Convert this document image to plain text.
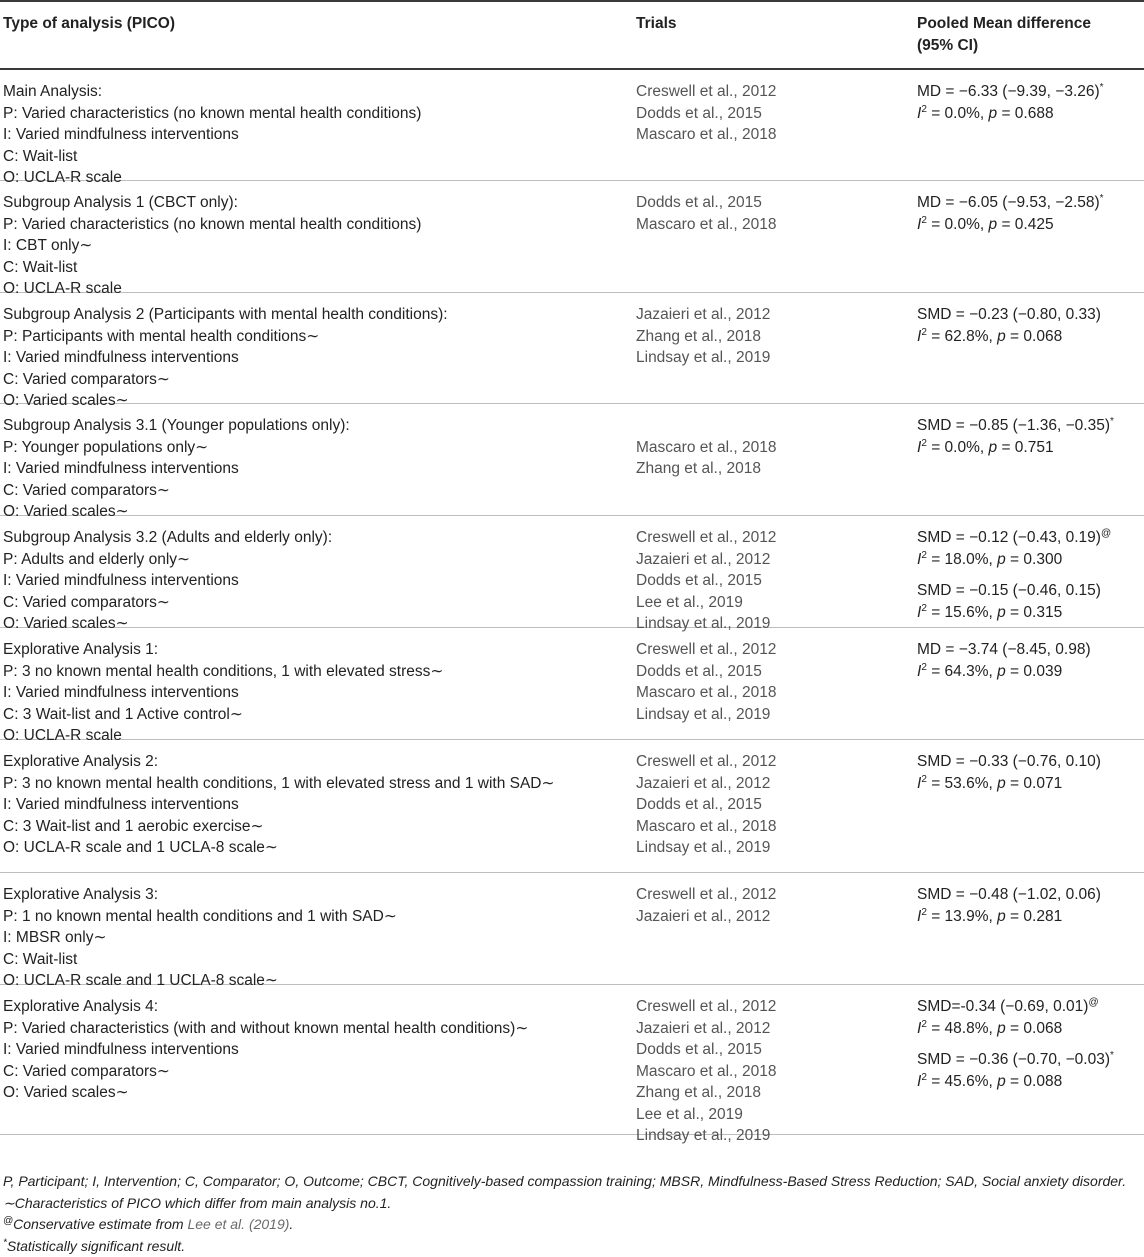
Type of analysis (PICO)	Trials	Pooled Mean difference
(95% CI)
Main Analysis:
P: Varied characteristics (no known mental health conditions)
I: Varied mindfulness interventions
C: Wait-list
O: UCLA-R scale
Creswell et al., 2012
Dodds et al., 2015
Mascaro et al., 2018
MD = −6.33 (−9.39, −3.26)*
$I^2 = 0.0\%$, p = 0.688
Subgroup Analysis 1 (CBCT only):
P: Varied characteristics (no known mental health conditions)
I: CBT only∼
C: Wait-list
O: UCLA-R scale
Dodds et al., 2015
Mascaro et al., 2018
MD = −6.05 (−9.53, −2.58)*
$I^2 = 0.0\%$, p = 0.425
Subgroup Analysis 2 (Participants with mental health conditions):
P: Participants with mental health conditions∼
I: Varied mindfulness interventions
C: Varied comparators∼
O: Varied scales∼
Jazaieri et al., 2012
Zhang et al., 2018
Lindsay et al., 2019
SMD = −0.23 (−0.80, 0.33)
$I^2 = 62.8\%$, p = 0.068
Subgroup Analysis 3.1 (Younger populations only):
P: Younger populations only∼
I: Varied mindfulness interventions
C: Varied comparators∼
O: Varied scales∼
Mascaro et al., 2018
Zhang et al., 2018
SMD = −0.85 (−1.36, −0.35)*
$I^2 = 0.0\%$, p = 0.751
Subgroup Analysis 3.2 (Adults and elderly only):
P: Adults and elderly only∼
I: Varied mindfulness interventions
C: Varied comparators∼
O: Varied scales∼
Creswell et al., 2012
Jazaieri et al., 2012
Dodds et al., 2015
Lee et al., 2019
Lindsay et al., 2019
SMD = −0.12 (−0.43, 0.19)@
$I^2 = 18.0\%$, p = 0.300
SMD = −0.15 (−0.46, 0.15)
$I^2 = 15.6\%$, p = 0.315
Explorative Analysis 1:
P: 3 no known mental health conditions, 1 with elevated stress∼
I: Varied mindfulness interventions
C: 3 Wait-list and 1 Active control∼
O: UCLA-R scale
Creswell et al., 2012
Dodds et al., 2015
Mascaro et al., 2018
Lindsay et al., 2019
MD = −3.74 (−8.45, 0.98)
$I^2 = 64.3\%$, p = 0.039
Explorative Analysis 2:
P: 3 no known mental health conditions, 1 with elevated stress and 1 with SAD∼
I: Varied mindfulness interventions
C: 3 Wait-list and 1 aerobic exercise∼
O: UCLA-R scale and 1 UCLA-8 scale∼
Creswell et al., 2012
Jazaieri et al., 2012
Dodds et al., 2015
Mascaro et al., 2018
Lindsay et al., 2019
SMD = −0.33 (−0.76, 0.10)
$I^2 = 53.6\%$, p = 0.071
Explorative Analysis 3:
P: 1 no known mental health conditions and 1 with SAD∼
I: MBSR only∼
C: Wait-list
O: UCLA-R scale and 1 UCLA-8 scale∼
Creswell et al., 2012
Jazaieri et al., 2012
SMD = −0.48 (−1.02, 0.06)
$I^2 = 13.9\%$, p = 0.281
Explorative Analysis 4:
P: Varied characteristics (with and without known mental health conditions)∼
I: Varied mindfulness interventions
C: Varied comparators∼
O: Varied scales∼
Creswell et al., 2012
Jazaieri et al., 2012
Dodds et al., 2015
Mascaro et al., 2018
Zhang et al., 2018
Lee et al., 2019
Lindsay et al., 2019
SMD=-0.34 (−0.69, 0.01)@
$I^2 = 48.8\%$, p = 0.068
SMD = −0.36 (−0.70, −0.03)*
$I^2 = 45.6\%$, p = 0.088
P, Participant; I, Intervention; C, Comparator; O, Outcome; CBCT, Cognitively-based compassion training; MBSR, Mindfulness-Based Stress Reduction; SAD, Social anxiety disorder.
∼Characteristics of PICO which differ from main analysis no.1.
@Conservative estimate from Lee et al. (2019).
*Statistically significant result.
